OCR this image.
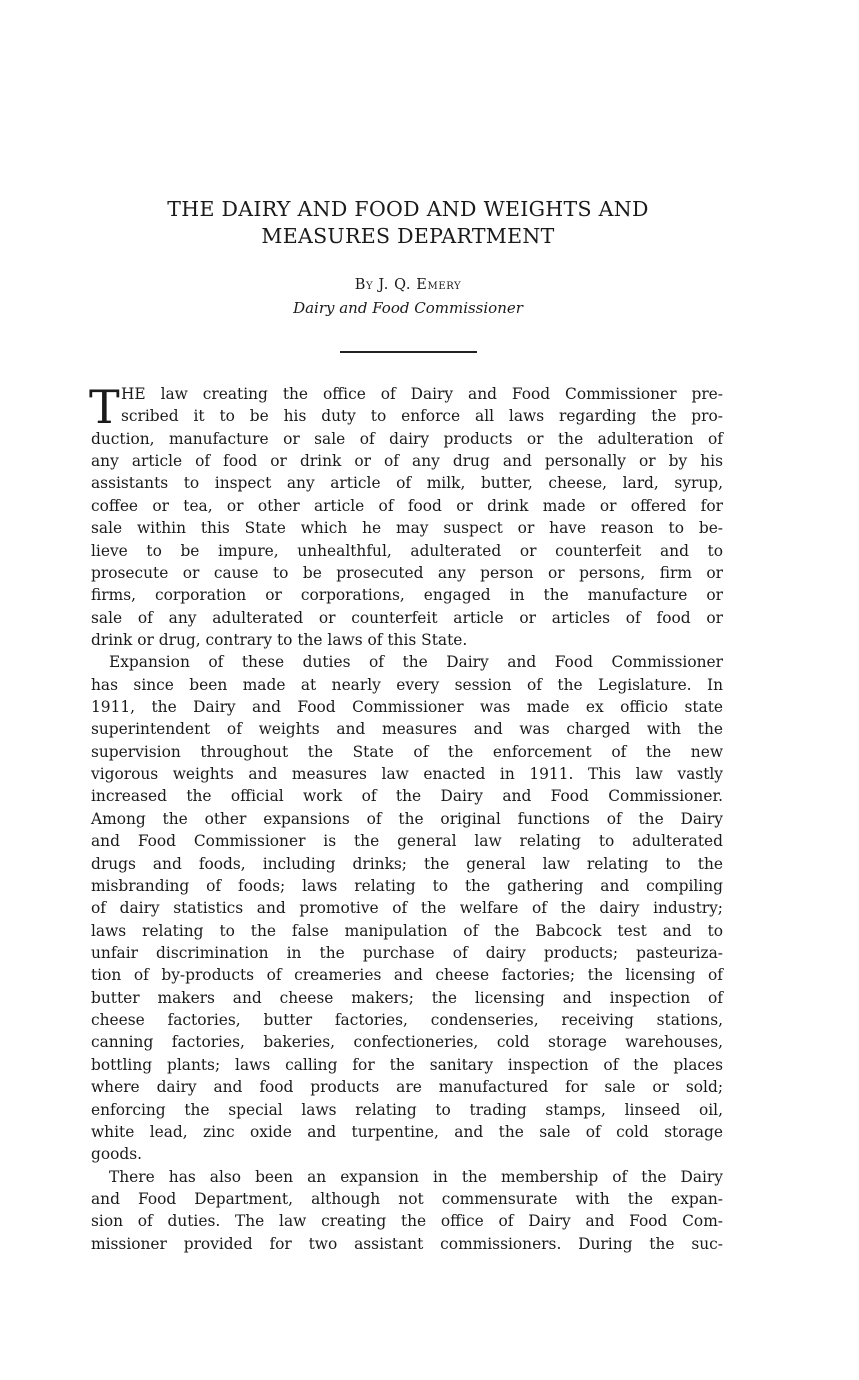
THE DAIRY AND FOOD AND WEIGHTS AND
MEASURES DEPARTMENT
By J. Q. Emery
Dairy and Food Commissioner
T HE law creating the office of Dairy and Food Commissioner pre-
scribed it to be his duty to enforce all laws regarding the pro-
duction, manufacture or sale of dairy products or the adulteration of
any article of food or drink or of any drug and personally or by his
assistants to inspect any article of milk, butter, cheese, lard, syrup,
coffee or tea, or other article of food or drink made or offered for
sale within this State which he may suspect or have reason to be-
lieve to be impure, unhealthful, adulterated or counterfeit and to
prosecute or cause to be prosecuted any person or persons, firm or
firms, corporation or corporations, engaged in the manufacture or
sale of any adulterated or counterfeit article or articles of food or
drink or drug, contrary to the laws of this State.
Expansion of these duties of the Dairy and Food Commissioner
has since been made at nearly every session of the Legislature. In
1911, the Dairy and Food Commissioner was made ex officio state
superintendent of weights and measures and was charged with the
supervision throughout the State of the enforcement of the new
vigorous weights and measures law enacted in 1911. This law vastly
increased the official work of the Dairy and Food Commissioner.
Among the other expansions of the original functions of the Dairy
and Food Commissioner is the general law relating to adulterated
drugs and foods, including drinks; the general law relating to the
misbranding of foods; laws relating to the gathering and compiling
of dairy statistics and promotive of the welfare of the dairy industry;
laws relating to the false manipulation of the Babcock test and to
unfair discrimination in the purchase of dairy products; pasteuriza-
tion of by-products of creameries and cheese factories; the licensing of
butter makers and cheese makers; the licensing and inspection of
cheese factories, butter factories, condenseries, receiving stations,
canning factories, bakeries, confectioneries, cold storage warehouses,
bottling plants; laws calling for the sanitary inspection of the places
where dairy and food products are manufactured for sale or sold;
enforcing the special laws relating to trading stamps, linseed oil,
white lead, zinc oxide and turpentine, and the sale of cold storage
goods.
There has also been an expansion in the membership of the Dairy
and Food Department, although not commensurate with the expan-
sion of duties. The law creating the office of Dairy and Food Com-
missioner provided for two assistant commissioners. During the suc-
